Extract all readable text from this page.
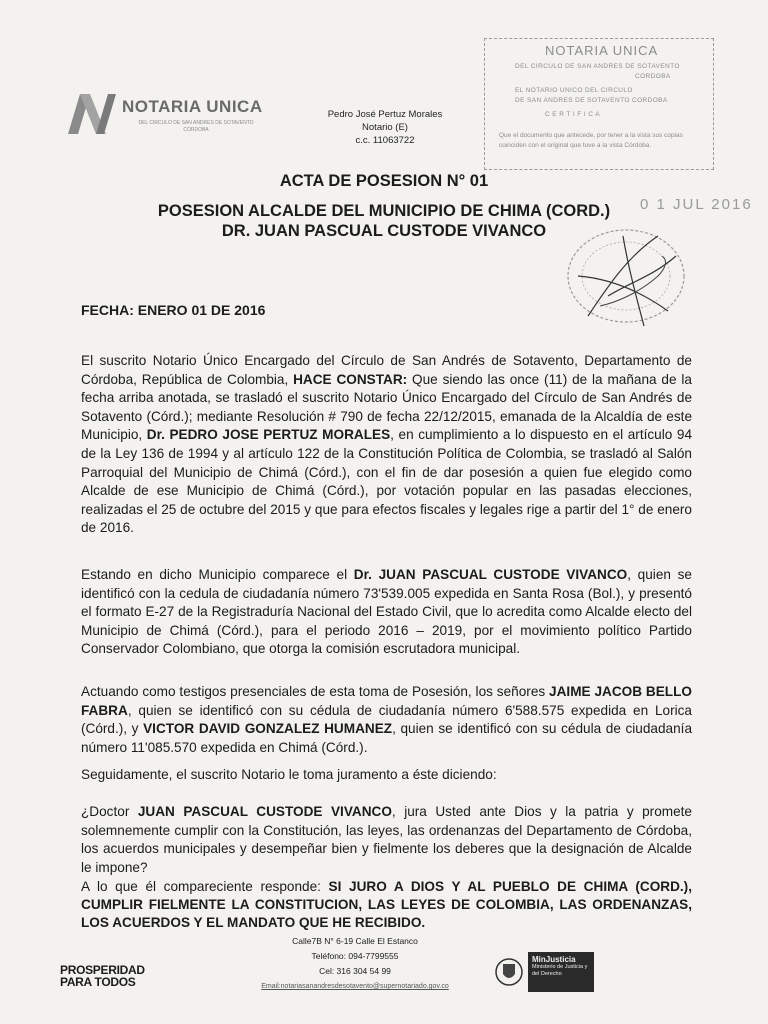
NOTARIA UNICA
DEL CIRCULO DE SAN ANDRES DE SOTAVENTO
CORDOBA
Pedro José Pertuz Morales
Notario (E)
c.c. 11063722
NOTARIA UNICA
DEL CIRCULO DE SAN ANDRES DE SOTAVENTO
CORDOBA
EL NOTARIO UNICO DEL CIRCULO
DE SAN ANDRES DE SOTAVENTO CORDOBA
C E R T I F I C A
Que el documento que antecede, por tener a la vista sus copias coinciden con el original que tuve a la vista Córdoba.
0 1 JUL 2016
ACTA DE POSESION N° 01
POSESION ALCALDE DEL MUNICIPIO DE CHIMA (CORD.)
DR. JUAN PASCUAL CUSTODE VIVANCO
FECHA: ENERO 01 DE 2016

El suscrito Notario Único Encargado del Círculo de San Andrés de Sotavento, Departamento de Córdoba, República de Colombia, HACE CONSTAR: Que siendo las once (11) de la mañana de la fecha arriba anotada, se trasladó el suscrito Notario Único Encargado del Círculo de San Andrés de Sotavento (Córd.); mediante Resolución # 790 de fecha 22/12/2015, emanada de la Alcaldía de este Municipio, Dr. PEDRO JOSE PERTUZ MORALES, en cumplimiento a lo dispuesto en el artículo 94 de la Ley 136 de 1994 y al artículo 122 de la Constitución Política de Colombia, se trasladó al Salón Parroquial del Municipio de Chimá (Córd.), con el fin de dar posesión a quien fue elegido como Alcalde de ese Municipio de Chimá (Córd.), por votación popular en las pasadas elecciones, realizadas el 25 de octubre del 2015 y que para efectos fiscales y legales rige a partir del 1° de enero de 2016.

Estando en dicho Municipio comparece el Dr. JUAN PASCUAL CUSTODE VIVANCO, quien se identificó con la cedula de ciudadanía número 73'539.005 expedida en Santa Rosa (Bol.), y presentó el formato E-27 de la Registraduría Nacional del Estado Civil, que lo acredita como Alcalde electo del Municipio de Chimá (Córd.), para el periodo 2016 – 2019, por el movimiento político Partido Conservador Colombiano, que otorga la comisión escrutadora municipal.

Actuando como testigos presenciales de esta toma de Posesión, los señores JAIME JACOB BELLO FABRA, quien se identificó con su cédula de ciudadanía número 6'588.575 expedida en Lorica (Córd.), y VICTOR DAVID GONZALEZ HUMANEZ, quien se identificó con su cédula de ciudadanía número 11'085.570 expedida en Chimá (Córd.).

Seguidamente, el suscrito Notario le toma juramento a éste diciendo:

¿Doctor JUAN PASCUAL CUSTODE VIVANCO, jura Usted ante Dios y la patria y promete solemnemente cumplir con la Constitución, las leyes, las ordenanzas del Departamento de Córdoba, los acuerdos municipales y desempeñar bien y fielmente los deberes que la designación de Alcalde le impone?

A lo que él compareciente responde: SI JURO A DIOS Y AL PUEBLO DE CHIMA (CORD.), CUMPLIR FIELMENTE LA CONSTITUCION, LAS LEYES DE COLOMBIA, LAS ORDENANZAS, LOS ACUERDOS Y EL MANDATO QUE HE RECIBIDO.

PROSPERIDAD
PARA TODOS
Calle7B N° 6-19 Calle El Estanco
Teléfono: 094-7799555
Cel: 316 304 54 99
Email:notariasanandresdesotavento@supernotariado.gov.co
MinJusticia
Ministerio de Justicia y del Derecho
